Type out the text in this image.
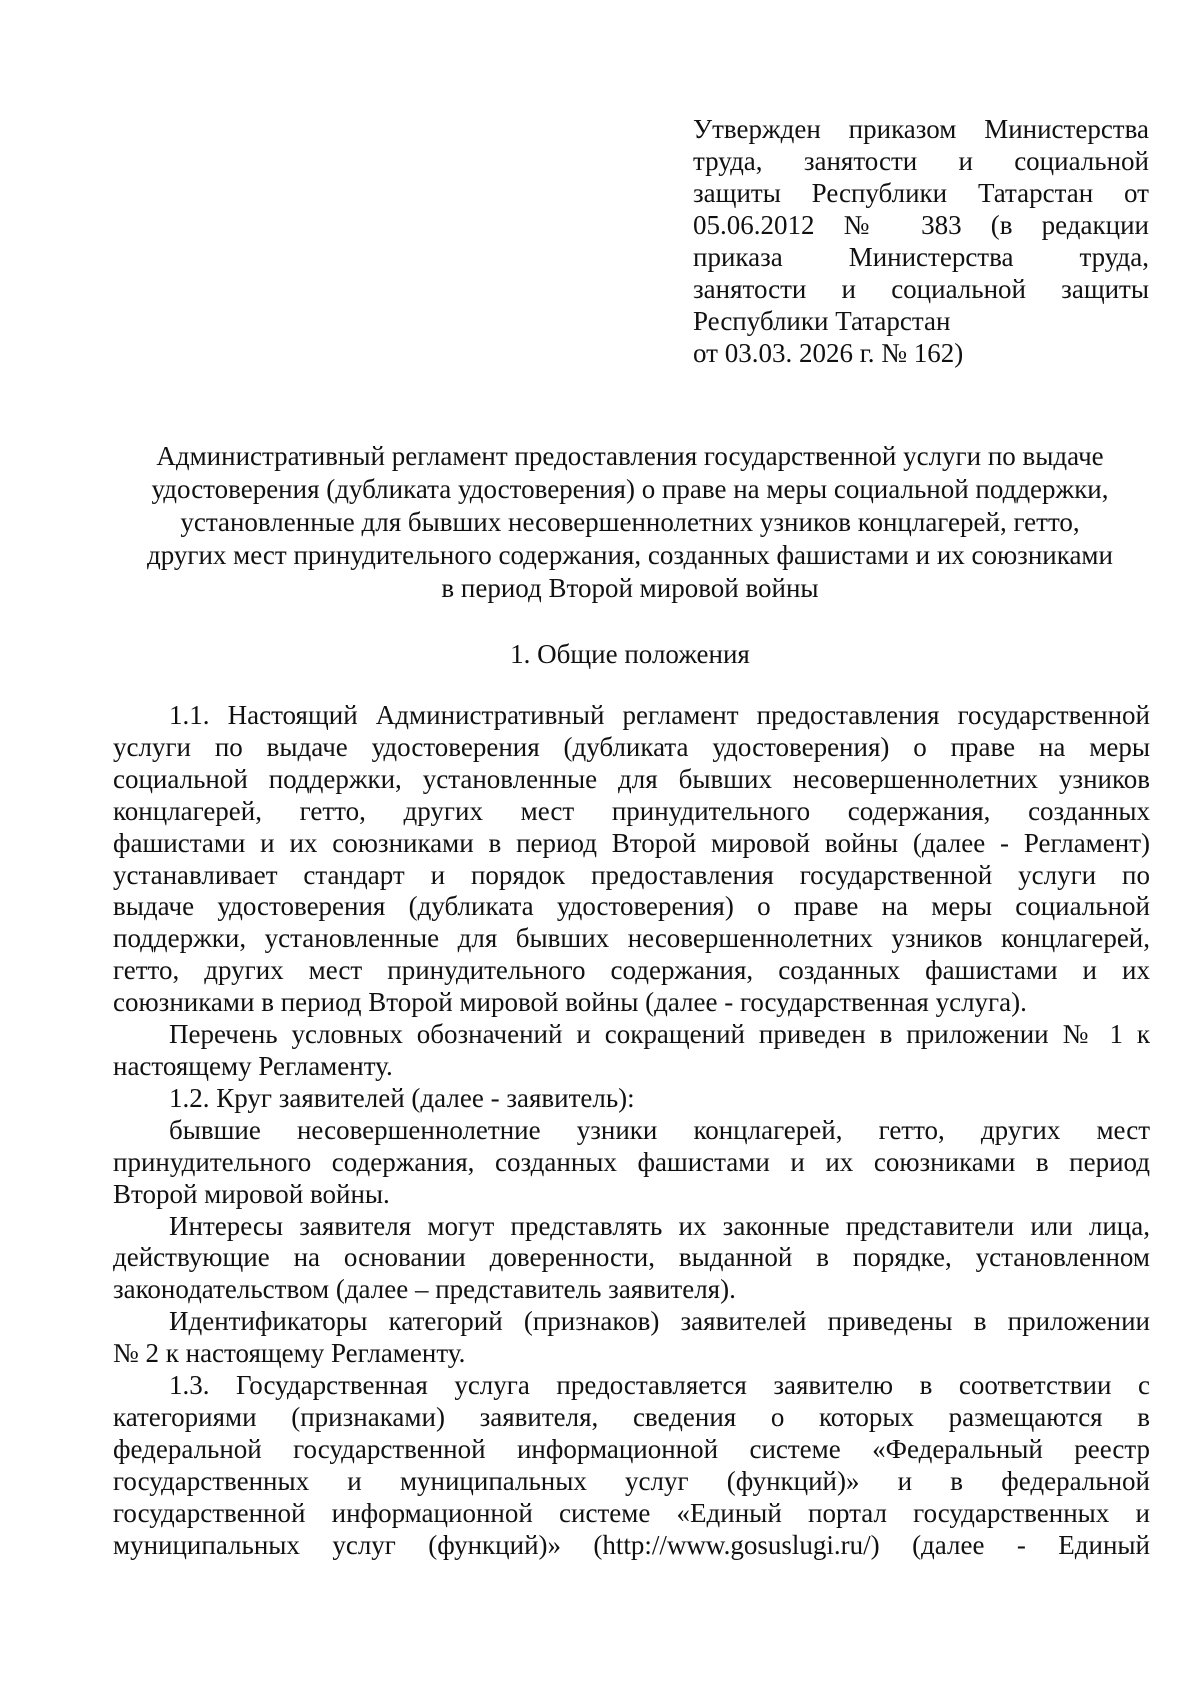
Утвержден приказом Министерства
труда, занятости и социальной
защиты Республики Татарстан от
05.06.2012 № 383 (в редакции
приказа Министерства труда,
занятости и социальной защиты
Республики Татарстан
от 03.03. 2026 г. № 162)
Административный регламент предоставления государственной услуги по выдаче
удостоверения (дубликата удостоверения) о праве на меры социальной поддержки,
установленные для бывших несовершеннолетних узников концлагерей, гетто,
других мест принудительного содержания, созданных фашистами и их союзниками
в период Второй мировой войны
1. Общие положения

1.1. Настоящий Административный регламент предоставления государственной
услуги по выдаче удостоверения (дубликата удостоверения) о праве на меры
социальной поддержки, установленные для бывших несовершеннолетних узников
концлагерей, гетто, других мест принудительного содержания, созданных
фашистами и их союзниками в период Второй мировой войны (далее - Регламент)
устанавливает стандарт и порядок предоставления государственной услуги по
выдаче удостоверения (дубликата удостоверения) о праве на меры социальной
поддержки, установленные для бывших несовершеннолетних узников концлагерей,
гетто, других мест принудительного содержания, созданных фашистами и их
союзниками в период Второй мировой войны (далее - государственная услуга).

Перечень условных обозначений и сокращений приведен в приложении № 1 к
настоящему Регламенту.

1.2. Круг заявителей (далее - заявитель):

бывшие несовершеннолетние узники концлагерей, гетто, других мест
принудительного содержания, созданных фашистами и их союзниками в период
Второй мировой войны.

Интересы заявителя могут представлять их законные представители или лица,
действующие на основании доверенности, выданной в порядке, установленном
законодательством (далее – представитель заявителя).

Идентификаторы категорий (признаков) заявителей приведены в приложении
№ 2 к настоящему Регламенту.

1.3. Государственная услуга предоставляется заявителю в соответствии с
категориями (признаками) заявителя, сведения о которых размещаются в
федеральной государственной информационной системе «Федеральный реестр
государственных и муниципальных услуг (функций)» и в федеральной
государственной информационной системе «Единый портал государственных и
муниципальных услуг (функций)» (http://www.gosuslugi.ru/) (далее - Единый
